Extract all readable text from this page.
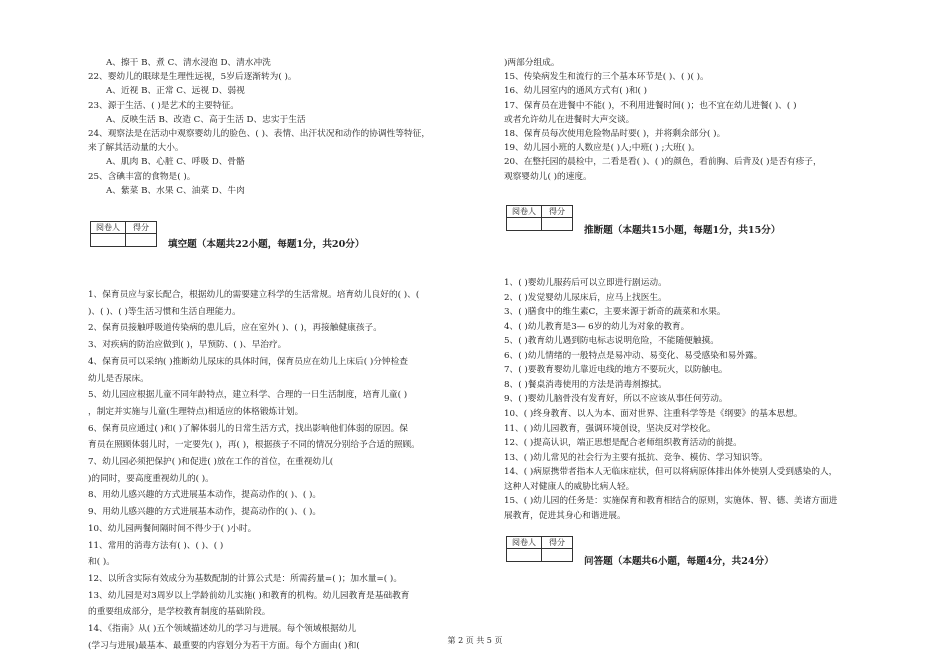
A、擦干 B、煮 C、清水浸泡 D、清水冲洗
22、婴幼儿的眼球是生理性远视，5岁后逐渐转为( )。
A、近视 B、正常 C、远视 D、弱视
23、源于生活、( )是艺术的主要特征。
A、反映生活 B、改造 C、高于生活 D、忠实于生活
24、观察法是在活动中观察婴幼儿的脸色、( )、表情、出汗状况和动作的协调性等特征，
来了解其活动量的大小。
A、肌肉 B、心脏 C、呼吸 D、骨骼
25、含碘丰富的食物是( )。
A、紫菜 B、水果 C、油菜 D、牛肉
阅卷人	得分

填空题（本题共22小题，每题1分，共20分）
1、保育员应与家长配合，根据幼儿的需要建立科学的生活常规。培育幼儿良好的( )、(
)、( )、( )等生活习惯和生活自理能力。
2、保育员接触呼吸道传染病的患儿后，应在室外( )、( )，再接触健康孩子。
3、对疾病的防治应做到( )，早预防、( )、早治疗。
4、保育员可以采纳( )推断幼儿尿床的具体时间，保育员应在幼儿上床后( )分钟检查
幼儿是否尿床。
5、幼儿园应根据儿童不同年龄特点，建立科学、合理的一日生活制度，培育儿童( )
，制定并实施与儿童(生理特点)相适应的体格锻炼计划。
6、保育员应通过( )和( )了解体弱儿的日常生活方式，找出影响他们体弱的原因。保
育员在照顾体弱儿时，一定要先( )，再( )，根据孩子不同的情况分别给予合适的照顾。
7、幼儿园必须把保护( )和促进( )放在工作的首位，在重视幼儿(
)的同时，要高度重视幼儿的( )。
8、用幼儿感兴趣的方式进展基本动作，提高动作的( )、( )。
9、用幼儿感兴趣的方式进展基本动作，提高动作的( )、( )。
10、幼儿园两餐间隔时间不得少于( )小时。
11、常用的消毒方法有( )、( )、( )
和( )。
12、以所含实际有效成分为基数配制的计算公式是：所需药量=( )；加水量=( )。
13、幼儿园是对3周岁以上学龄前幼儿实施( )和教育的机构。幼儿园教育是基础教育
的重要组成部分，是学校教育制度的基础阶段。
14、《指南》从( )五个领域描述幼儿的学习与进展。每个领域根据幼儿
(学习与进展)最基本、最重要的内容划分为若干方面。每个方面由( )和(
)两部分组成。
15、传染病发生和流行的三个基本环节是( )、( )( )。
16、幼儿园室内的通风方式有( )和( )
17、保育员在进餐中不能( )，不利用进餐时间( )；也不宜在幼儿进餐( )、( )
或者允许幼儿在进餐时大声交谈。
18、保育员每次使用危险物品时要( )，并将剩余部分( )。
19、幼儿园小班的人数应是( )人;中班( ) ;大班( )。
20、在整托园的晨检中，二看是看( )、( )的颜色，看前胸、后背及( )是否有疹子，
观察婴幼儿( )的速度。
阅卷人	得分

推断题（本题共15小题，每题1分，共15分）
1、( )婴幼儿服药后可以立即进行剧运动。
2、( )发觉婴幼儿尿床后，应马上找医生。
3、( )膳食中的维生素C，主要来源于新奇的蔬菜和水果。
4、( )幼儿教育是3— 6岁的幼儿为对象的教育。
5、( )教育幼儿遇到防电标志说明危险，不能随便触摸。
6、( )幼儿情绪的一般特点是易冲动、易变化、易受感染和易外露。
7、( )要教育婴幼儿靠近电线的地方不要玩火，以防触电。
8、( )餐桌消毒使用的方法是消毒剂擦拭。
9、( )婴幼儿脑骨没有发育好，所以不应该从事任何劳动。
10、( )终身教育、以人为本、面对世界、注重科学等是《纲要》的基本思想。
11、( )幼儿园教育，强调环境创设，坚决反对学校化。
12、( )提高认识，端正思想是配合老师组织教育活动的前提。
13、( )幼儿常见的社会行为主要有抵抗、竞争、模仿、学习知识等。
14、( )病原携带者指本人无临床症状，但可以将病原体排出体外使别人受到感染的人，
这种人对健康人的威胁比病人轻。
15、( )幼儿园的任务是：实施保育和教育相结合的原则，实施体、智、德、美诸方面进
展教育，促进其身心和谐进展。
阅卷人	得分

问答题（本题共6小题，每题4分，共24分）
第 2 页 共 5 页
